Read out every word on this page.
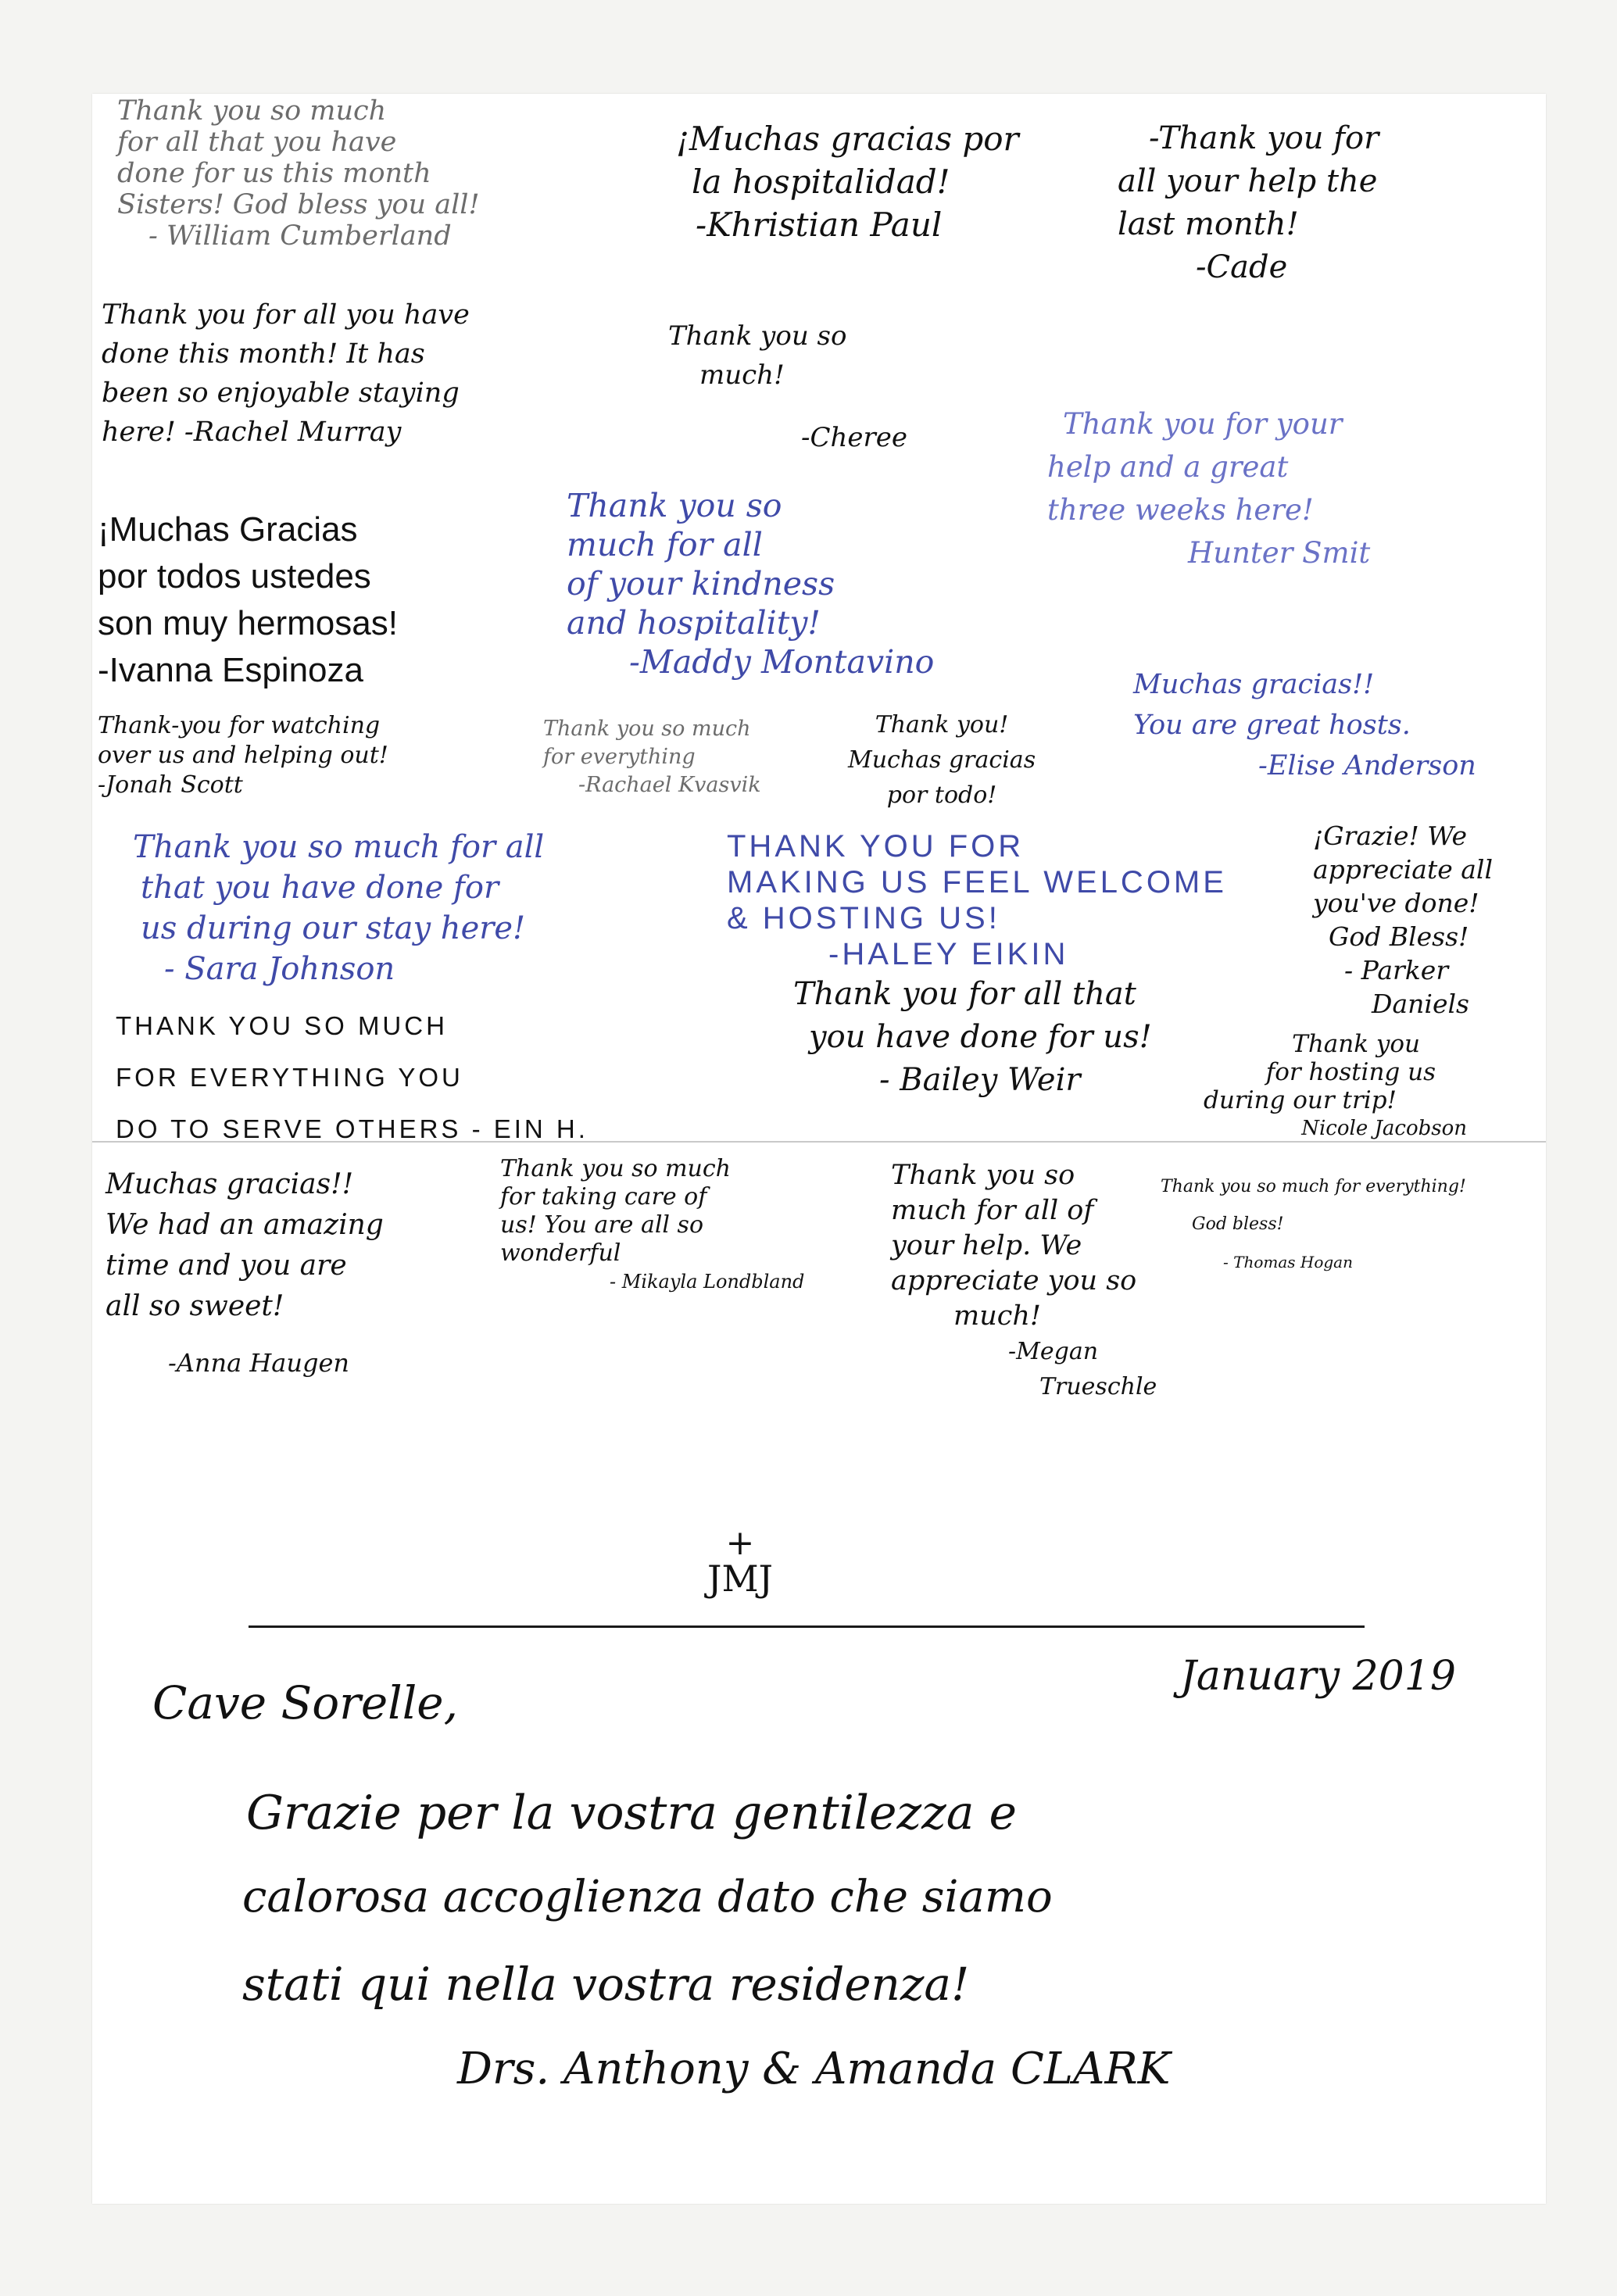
Thank you so much
for all that you have
done for us this month
Sisters! God bless you all!
- William Cumberland
¡Muchas gracias por
la hospitalidad!
-Khristian Paul
-Thank you for
all your help the
last month!
-Cade
Thank you for all you have
done this month! It has
been so enjoyable staying
here! -Rachel Murray
Thank you so
much!
-Cheree	Thank you for your
help and a great
three weeks here!
Hunter Smit
¡Muchas Gracias
por todos ustedes
son muy hermosas!
-Ivanna Espinoza
Thank you so
much for all
of your kindness
and hospitality!
-Maddy Montavino
Muchas gracias!!
You are great hosts.
-Elise Anderson
Thank-you for watching
over us and helping out!
-Jonah Scott
Thank you so much
for everything
-Rachael Kvasvik
Thank you!
Muchas gracias
por todo!
Thank you so much for all
that you have done for
us during our stay here!
- Sara Johnson
THANK YOU FOR
MAKING US FEEL WELCOME
& HOSTING US!
-HALEY EIKIN
¡Grazie! We
appreciate all
you've done!
God Bless!
- Parker
Daniels
Thank you for all that
you have done for us!
- Bailey Weir
Thank you
for hosting us
during our trip!
Nicole Jacobson
THANK YOU SO MUCH
FOR EVERYTHING YOU
DO TO SERVE OTHERS - EIN H.
Muchas gracias!!
We had an amazing
time and you are
all so sweet!
-Anna Haugen
Thank you so much
for taking care of
us! You are all so
wonderful
- Mikayla Londbland
Thank you so
much for all of
your help. We
appreciate you so
much!
-Megan
Trueschle
Thank you so much for everything!
God bless!
- Thomas Hogan
+
JMJ
January 2019
Cave Sorelle,
Grazie per la vostra gentilezza e
calorosa accoglienza dato che siamo
stati qui nella vostra residenza!
Drs. Anthony & Amanda CLARK
